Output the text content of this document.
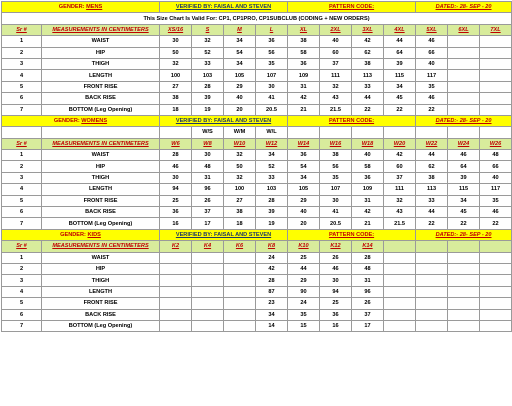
GENDER: MENS		VERIFIED BY: FAISAL AND STEVEN				PATTERN CODE:				DATED:- 28- SEP - 20		
This Size Chart Is Valid For: CP1, CP1PRO, CP1SUBCLUB (CODING + NEW ORDERS)												
Sr #	MEASUREMENTS IN CENTIMETERS	XS/16	S	M	L	XL	2XL	3XL	4XL	5XL	6XL	7XL
1	WAIST	30	32	34	36	38	40	42	44	46		
2	HIP	50	52	54	56	58	60	62	64	66		
3	THIGH	32	33	34	35	36	37	38	39	40		
4	LENGTH	100	103	105	107	109	111	113	115	117		
5	FRONT RISE	27	28	29	30	31	32	33	34	35		
6	BACK RISE	38	39	40	41	42	43	44	45	46		
7	BOTTOM (Leg Opening)	18	19	20	20.5	21	21.5	22	22	22		
GENDER: WOMENS		VERIFIED BY: FAISAL AND STEVEN				PATTERN CODE:				DATED:- 28- SEP - 20		
			W/S	W/M	W/L							
Sr #	MEASUREMENTS IN CENTIMETERS	W6	W8	W10	W12	W14	W16	W18	W20	W22	W24	W26
1	WAIST	28	30	32	34	36	38	40	42	44	46	48
2	HIP	46	48	50	52	54	56	58	60	62	64	66
3	THIGH	30	31	32	33	34	35	36	37	38	39	40
4	LENGTH	94	96	100	103	105	107	109	111	113	115	117
5	FRONT RISE	25	26	27	28	29	30	31	32	33	34	35
6	BACK RISE	36	37	38	39	40	41	42	43	44	45	46
7	BOTTOM (Leg Opening)	16	17	18	19	20	20.5	21	21.5	22	22	22
GENDER: KIDS		VERIFIED BY: FAISAL AND STEVEN				PATTERN CODE:				DATED:- 28- SEP - 20		
Sr #	MEASUREMENTS IN CENTIMETERS	K2	K4	K6	K8	K10	K12	K14				
1	WAIST				24	25	26	28				
2	HIP				42	44	46	48				
3	THIGH				28	29	30	31				
4	LENGTH				87	90	94	96				
5	FRONT RISE				23	24	25	26				
6	BACK RISE				34	35	36	37				
7	BOTTOM (Leg Opening)				14	15	16	17				
